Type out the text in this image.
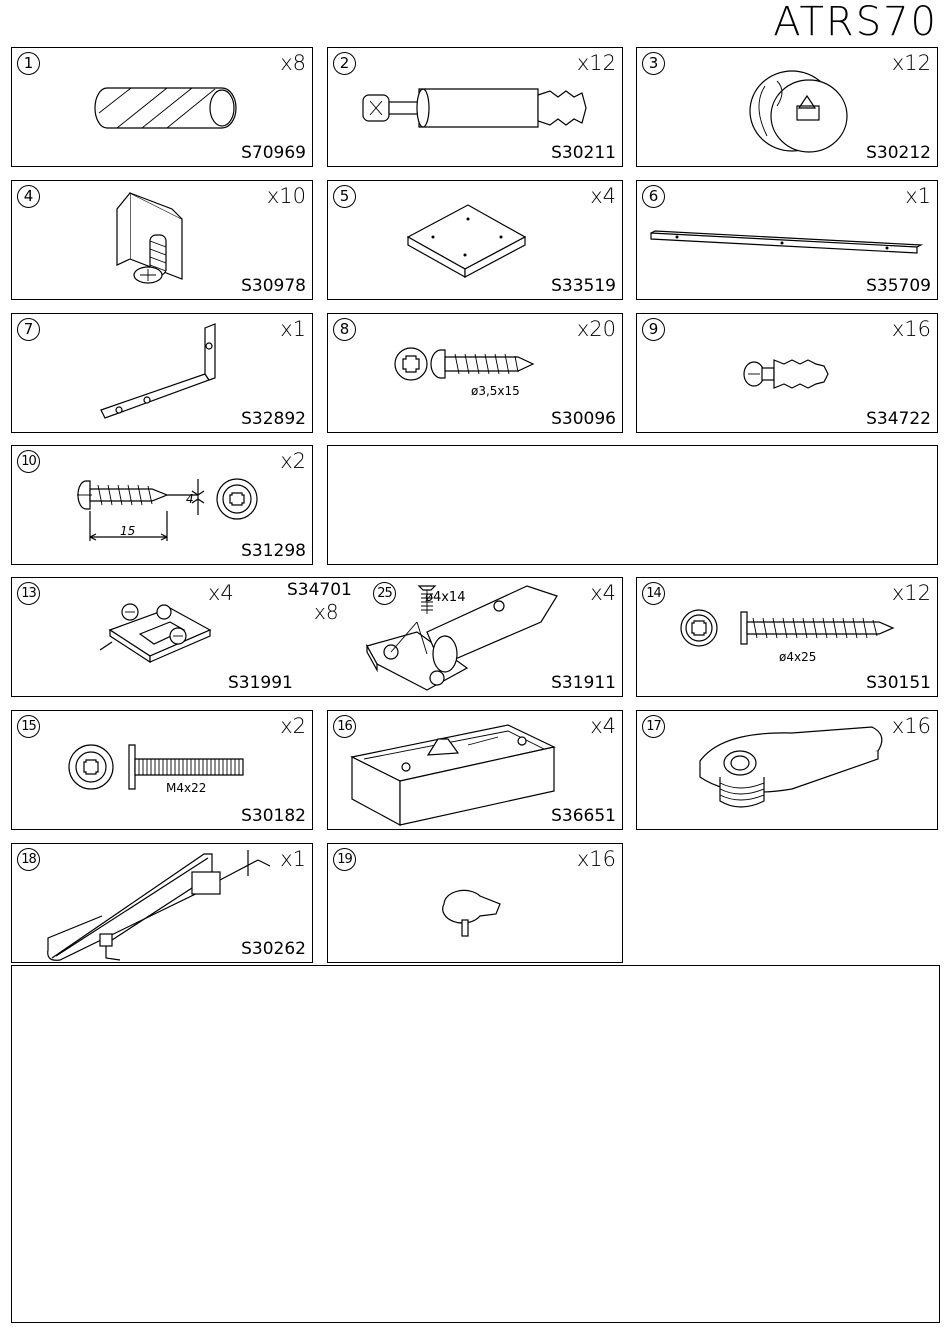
ATRS70
1	x8
S70969
2	x12
S30211
3	x12
S30212
4	x10
S30978
5	x4
S33519
6	x1
S35709
7	x1
S32892
8	x20
S30096
ø3,5x15
9	x16
S34722
10	x2
S31298
15
4
13	x4
S31991
S34701
x8
25	ø4x14	x4
S31911
14	x12
S30151
ø4x25
15	x2
S30182
M4x22
16	x4
S36651
17	x16
18	x1
S30262
19	x16
